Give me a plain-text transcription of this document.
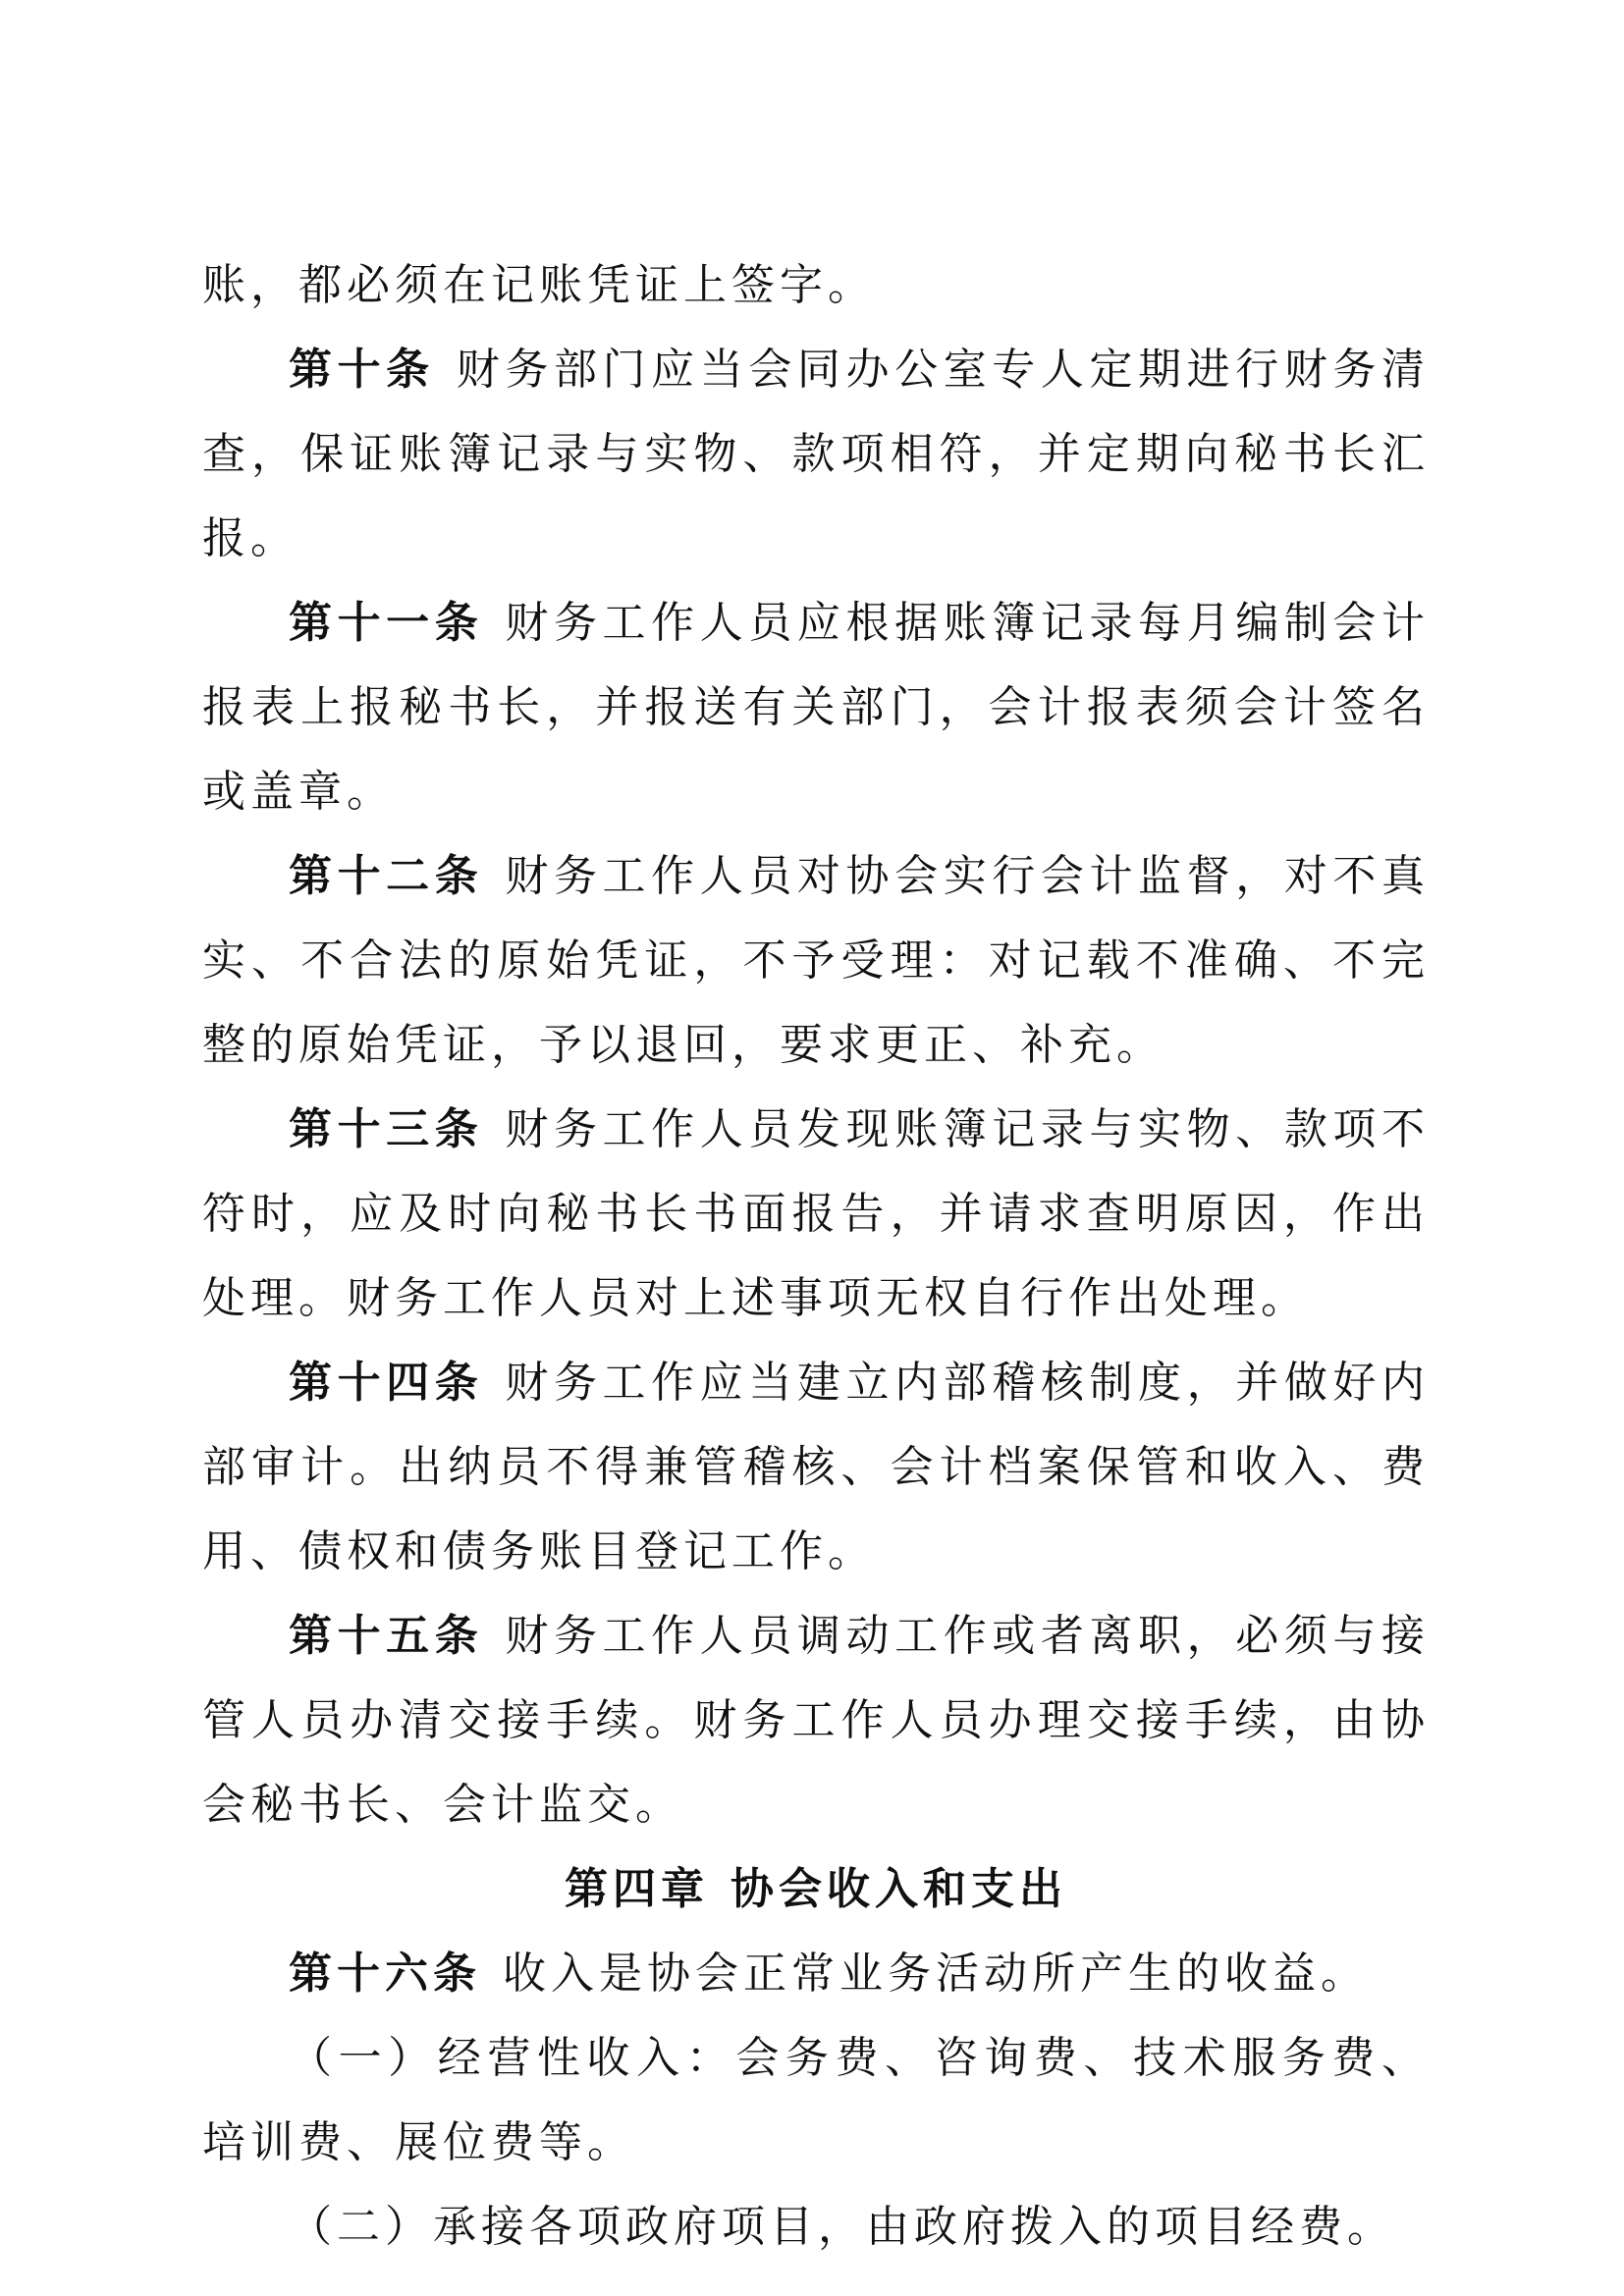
账，都必须在记账凭证上签字。

第十条 财务部门应当会同办公室专人定期进行财务清查，保证账簿记录与实物、款项相符，并定期向秘书长汇报。

第十一条 财务工作人员应根据账簿记录每月编制会计报表上报秘书长，并报送有关部门，会计报表须会计签名或盖章。

第十二条 财务工作人员对协会实行会计监督，对不真实、不合法的原始凭证，不予受理：对记载不准确、不完整的原始凭证，予以退回，要求更正、补充。

第十三条 财务工作人员发现账簿记录与实物、款项不符时，应及时向秘书长书面报告，并请求查明原因，作出处理。财务工作人员对上述事项无权自行作出处理。

第十四条 财务工作应当建立内部稽核制度，并做好内部审计。出纳员不得兼管稽核、会计档案保管和收入、费用、债权和债务账目登记工作。

第十五条 财务工作人员调动工作或者离职，必须与接管人员办清交接手续。财务工作人员办理交接手续，由协会秘书长、会计监交。

第四章 协会收入和支出

第十六条 收入是协会正常业务活动所产生的收益。

（一）经营性收入：会务费、咨询费、技术服务费、培训费、展位费等。

（二）承接各项政府项目，由政府拨入的项目经费。
